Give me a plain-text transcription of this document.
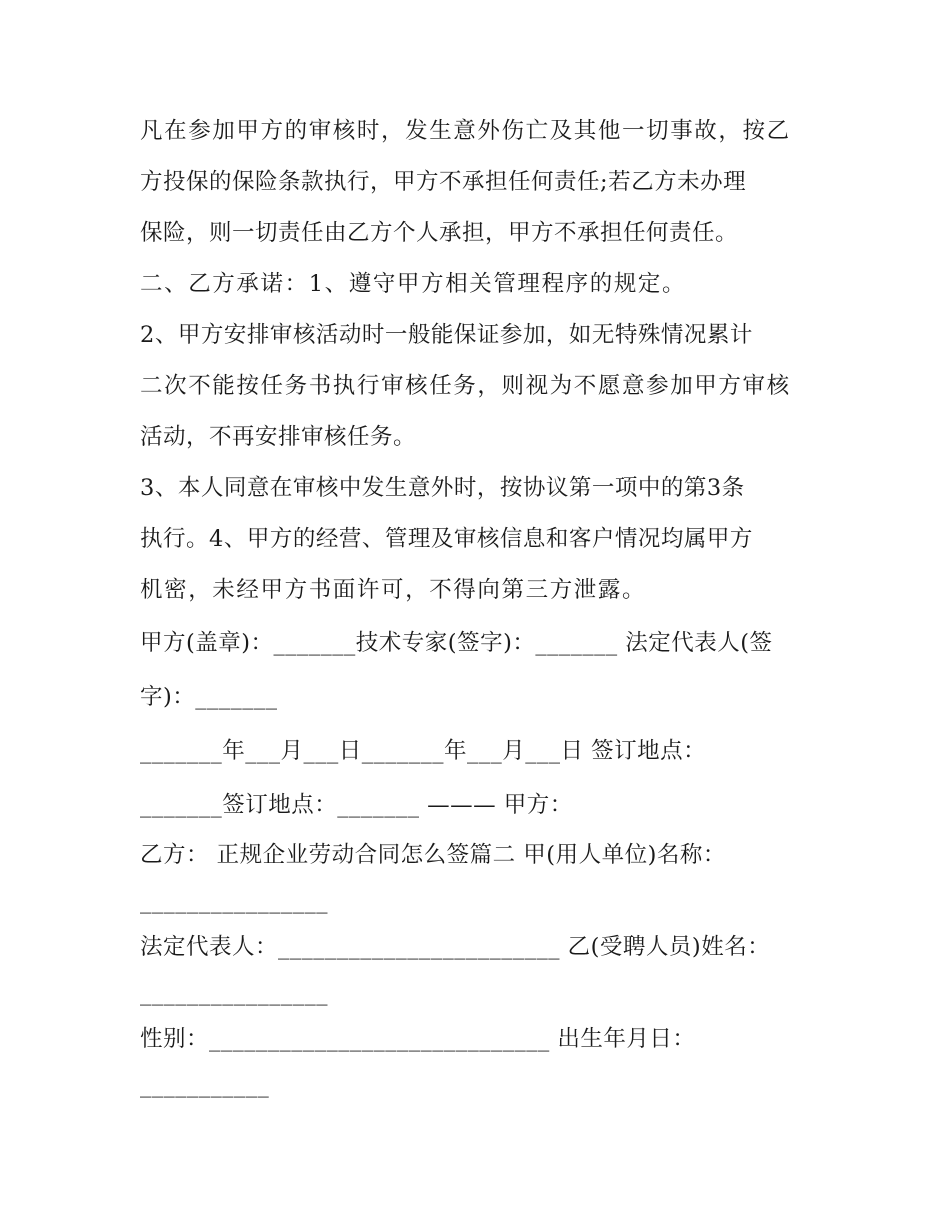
凡在参加甲方的审核时，发生意外伤亡及其他一切事故，按乙
方投保的保险条款执行，甲方不承担任何责任;若乙方未办理
保险，则一切责任由乙方个人承担，甲方不承担任何责任。
二、乙方承诺：1、遵守甲方相关管理程序的规定。
2、甲方安排审核活动时一般能保证参加，如无特殊情况累计
二次不能按任务书执行审核任务，则视为不愿意参加甲方审核
活动，不再安排审核任务。
3、本人同意在审核中发生意外时，按协议第一项中的第3条
执行。4、甲方的经营、管理及审核信息和客户情况均属甲方
机密，未经甲方书面许可，不得向第三方泄露。
甲方(盖章)：_______技术专家(签字)：_______ 法定代表人(签
字)：_______
_______年___月___日_______年___月___日 签订地点：
_______签订地点：_______ ——— 甲方：
乙方： 正规企业劳动合同怎么签篇二 甲(用人单位)名称：
________________
法定代表人：________________________ 乙(受聘人员)姓名：
________________
性别：_____________________________ 出生年月日：
___________
